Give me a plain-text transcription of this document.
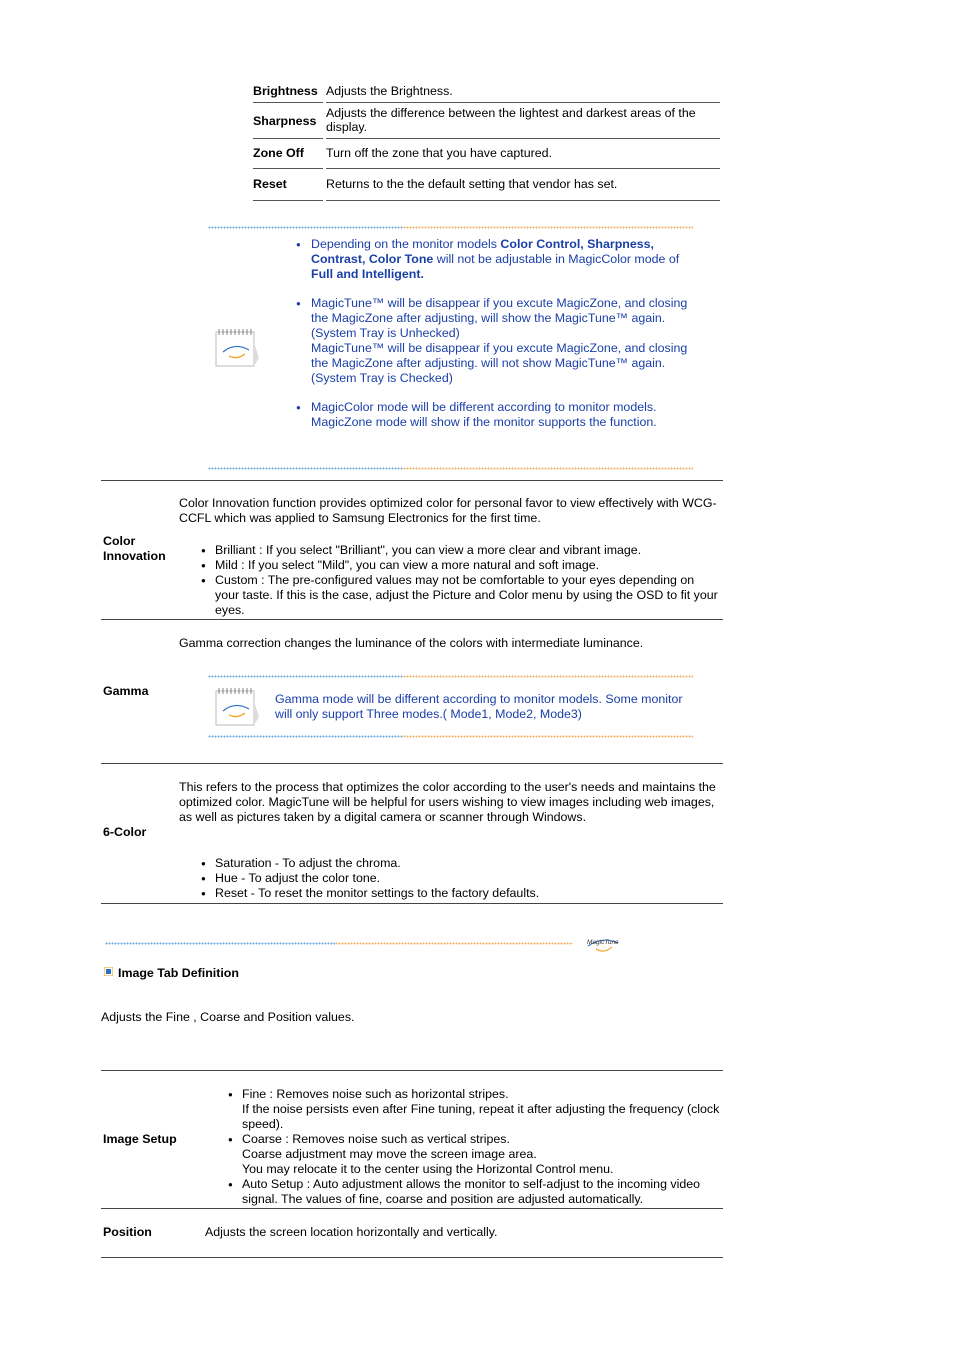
Brightness Adjusts the Brightness.
Sharpness
Adjusts the difference between the lightest and darkest areas of the display.
Zone Off Turn off the zone that you have captured.
Reset	Returns to the the default setting that vendor has set.
● Depending on the monitor models Color Control, Sharpness, Contrast, Color Tone will not be adjustable in MagicColor mode of Full and Intelligent.
● MagicTune™ will be disappear if you excute MagicZone, and closing the MagicZone after adjusting, will show the MagicTune™ again.
(System Tray is Unhecked)
MagicTune™ will be disappear if you excute MagicZone, and closing the MagicZone after adjusting. will not show MagicTune™ again.
(System Tray is Checked)
● MagicColor mode will be different according to monitor models.
MagicZone mode will show if the monitor supports the function.
Color Innovation
Color Innovation function provides optimized color for personal favor to view effectively with WCG-CCFL which was applied to Samsung Electronics for the first time.
● Brilliant : If you select "Brilliant", you can view a more clear and vibrant image.
● Mild : If you select "Mild", you can view a more natural and soft image.
● Custom : The pre-configured values may not be comfortable to your eyes depending on your taste. If this is the case, adjust the Picture and Color menu by using the OSD to fit your eyes.
Gamma
Gamma correction changes the luminance of the colors with intermediate luminance.
Gamma mode will be different according to monitor models. Some monitor will only support Three modes.( Mode1, Mode2, Mode3)
6-Color
This refers to the process that optimizes the color according to the user's needs and maintains the optimized color. MagicTune will be helpful for users wishing to view images including web images, as well as pictures taken by a digital camera or scanner through Windows.
● Saturation - To adjust the chroma.
● Hue - To adjust the color tone.
● Reset - To reset the monitor settings to the factory defaults.
MagicTune
Image Tab Definition
Adjusts the Fine , Coarse and Position values.
Image Setup
● Fine : Removes noise such as horizontal stripes.
If the noise persists even after Fine tuning, repeat it after adjusting the frequency (clock speed).
● Coarse : Removes noise such as vertical stripes.
Coarse adjustment may move the screen image area.
You may relocate it to the center using the Horizontal Control menu.
● Auto Setup : Auto adjustment allows the monitor to self-adjust to the incoming video signal. The values of fine, coarse and position are adjusted automatically.
Position	Adjusts the screen location horizontally and vertically.
